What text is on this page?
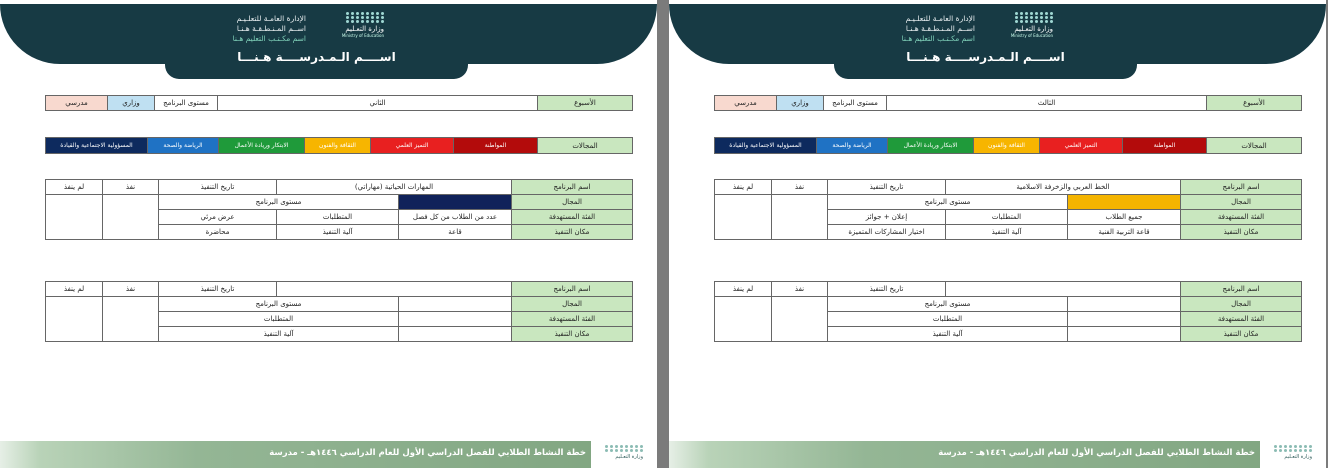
الإدارة العامـة للتعلـيـم
اســم المـنـطـقـة هـنـا
اسم مكـتـب التعليم هـنا
وزارة التعـليم
Ministry of Education
اســــم الـمـدرســــة هـنـــا
الأسبوع	الثاني	مستوى البرنامج	وزاري	مدرسي
المجالات	المواطنة	التميز العلمي	الثقافة والفنون	الابتكار وريادة الأعمال	الرياضة والصحة	المسؤولية الاجتماعية والقيادة
اسم البرنامج	المهارات الحياتية (مهاراتي)		تاريخ التنفيذ	نفذ	لم ينفذ
المجال		مستوى البرنامج			
الفئة المستهدفة	عدد من الطلاب من كل فصل	المتطلبات	عرض مرئي		
مكان التنفيذ	قاعة	آلية التنفيذ	محاضرة		
اسم البرنامج			تاريخ التنفيذ	نفذ	لم ينفذ
المجال		مستوى البرنامج			
الفئة المستهدفة		المتطلبات			
مكان التنفيذ		آلية التنفيذ			
خطة النشاط الطلابي للفصل الدراسي الأول للعام الدراسي ١٤٤٦هـ - مدرسة	وزارة التعـليم
الإدارة العامـة للتعلـيـم
اســم المـنـطـقـة هـنـا
اسم مكـتـب التعليم هـنا
وزارة التعـليم
Ministry of Education
اســــم الـمـدرســــة هـنـــا
الأسبوع	الثالث	مستوى البرنامج	وزاري	مدرسي
المجالات	المواطنة	التميز العلمي	الثقافة والفنون	الابتكار وريادة الأعمال	الرياضة والصحة	المسؤولية الاجتماعية والقيادة
اسم البرنامج	الخط العربي والزخرفة الاسلامية		تاريخ التنفيذ	نفذ	لم ينفذ
المجال		مستوى البرنامج			
الفئة المستهدفة	جميع الطلاب	المتطلبات	إعلان + جوائز		
مكان التنفيذ	قاعة التربية الفنية	آلية التنفيذ	اختيار المشاركات المتميزة		
اسم البرنامج			تاريخ التنفيذ	نفذ	لم ينفذ
المجال		مستوى البرنامج			
الفئة المستهدفة		المتطلبات			
مكان التنفيذ		آلية التنفيذ			
خطة النشاط الطلابي للفصل الدراسي الأول للعام الدراسي ١٤٤٦هـ - مدرسة	وزارة التعـليم
